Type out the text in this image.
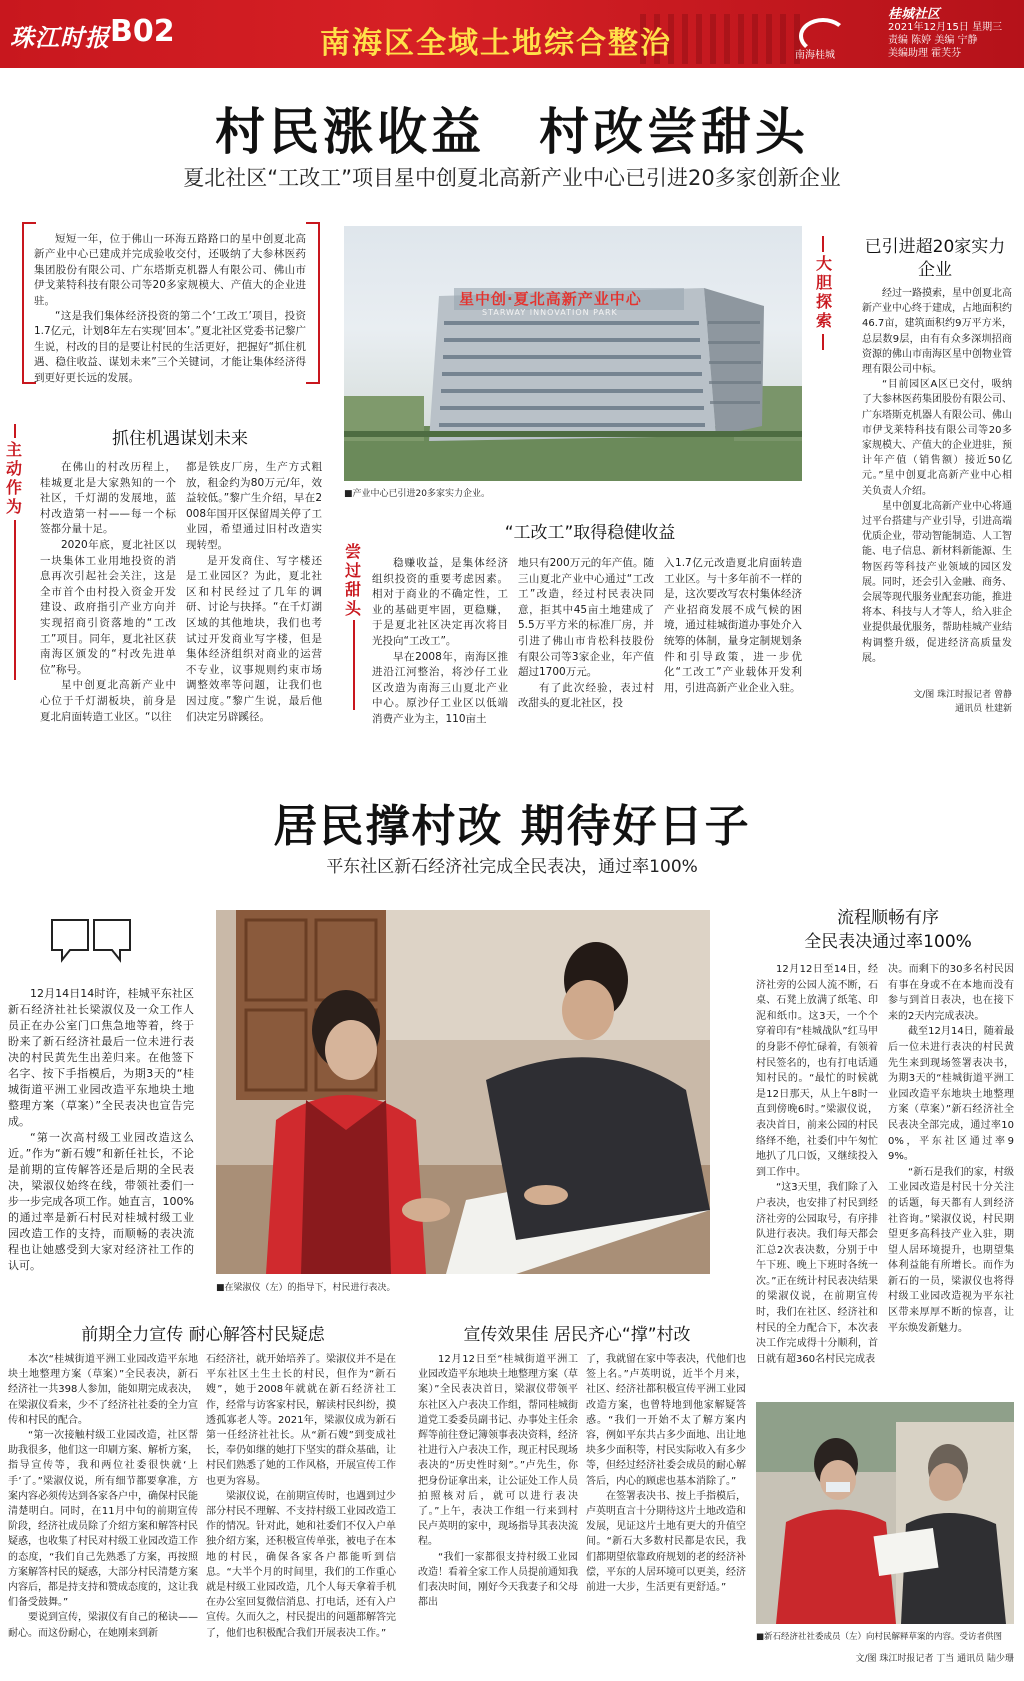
珠江时报 B02	南海区全域土地综合整治	南海桂城
桂城社区
2021年12月15日 星期三
责编 陈婷 美编 宁静
美编助理 霍芙芬
村民涨收益　村改尝甜头
夏北社区“工改工”项目星中创夏北高新产业中心已引进20多家创新企业

短短一年，位于佛山一环海五路路口的星中创夏北高新产业中心已建成并完成验收交付，还吸纳了大参林医药集团股份有限公司、广东塔斯克机器人有限公司、佛山市伊戈莱特科技有限公司等20多家规模大、产值大的企业进驻。

“这是我们集体经济投资的第二个‘工改工’项目，投资1.7亿元，计划8年左右实现‘回本’。”夏北社区党委书记黎广生说，村改的目的是要让村民的生活更好，把握好“抓住机遇、稳住收益、谋划未来”三个关键词，才能让集体经济得到更好更长远的发展。

星中创·夏北高新产业中心
STARWAY INNOVATION PARK
■产业中心已引进20多家实力企业。
大胆探索
已引进超20家实力企业

经过一路摸索，星中创夏北高新产业中心终于建成，占地面积约46.7亩，建筑面积约9万平方米，总层数9层，由有有众多深圳招商资源的佛山市南海区星中创物业管理有限公司中标。

“目前园区A区已交付，吸纳了大参林医药集团股份有限公司、广东塔斯克机器人有限公司、佛山市伊戈莱特科技有限公司等20多家规模大、产值大的企业进驻，预计年产值（销售额）接近50亿元。”星中创夏北高新产业中心相关负责人介绍。

星中创夏北高新产业中心将通过平台搭建与产业引导，引进高端优质企业，带动智能制造、人工智能、电子信息、新材料新能源、生物医药等科技产业领域的园区发展。同时，还会引入金融、商务、会展等现代服务业配套功能，推进将本、科技与人才等人，给入驻企业提供最优服务，帮助桂城产业结构调整升级，促进经济高质量发展。

文/图 珠江时报记者 曾静
通讯员 杜建新
主动作为
抓住机遇谋划未来

在佛山的村改历程上，桂城夏北是大家熟知的一个社区，千灯湖的发展地，蓝村改造第一村——每一个标签都分量十足。

2020年底，夏北社区以一块集体工业用地投资的消息再次引起社会关注，这是全市首个由村投入资金开发建设、政府指引产业方向并实现招商引资落地的“工改工”项目。同年，夏北社区获南海区颁发的“村改先进单位”称号。

星中创夏北高新产业中心位于千灯湖板块，前身是夏北肩面转造工业区。“以往

都是铁皮厂房，生产方式粗放，租金约为80万元/年，效益较低。”黎广生介绍，早在2008年国开区保留周关停了工业园，希望通过旧村改造实现转型。

是开发商住、写字楼还是工业园区？为此，夏北社区和村民经过了几年的调研、讨论与抉择。“在千灯湖区域的其他地块，我们也考试过开发商业写字楼，但是集体经济组织对商业的运营不专业，议事规则约束市场调整效率等问题，让我们也因过度。”黎广生说，最后他们决定另辟蹊径。

尝过甜头
“工改工”取得稳健收益

稳赚收益，是集体经济组织投资的重要考虑因素。相对于商业的不确定性，工业的基础更牢固，更稳赚，于是夏北社区决定再次将目光投向“工改工”。

早在2008年，南海区推进沿江河整治，将沙仔工业区改造为南海三山夏北产业中心。原沙仔工业区以低端消费产业为主，110亩土

地只有200万元的年产值。随三山夏北产业中心通过“工改工”改造，经过村民表决同意，拒其中45亩土地建成了5.5万平方米的标准厂房，并引进了佛山市肯松科技股份有限公司等3家企业，年产值超过1700万元。

有了此次经验，表过村改甜头的夏北社区，投

入1.7亿元改造夏北肩面转造工业区。与十多年前不一样的是，这次要改写农村集体经济产业招商发展不成气候的困境，通过桂城街道办事处介入统筹的体制，量身定制规划条件和引导政策，进一步优化“工改工”产业载体开发利用，引进高新产业企业入驻。

居民撑村改 期待好日子
平东社区新石经济社完成全民表决，通过率100%

12月14日14时许，桂城平东社区新石经济社社长梁淑仪及一众工作人员正在办公室门口焦急地等着，终于盼来了新石经济社最后一位未进行表决的村民黄先生出差归来。在他签下名字、按下手指模后，为期3天的“桂城街道平洲工业园改造平东地块土地整理方案（草案）”全民表决也宣告完成。

“第一次高村级工业园改造这么近。”作为“新石嫂”和新任社长，不论是前期的宣传解答还是后期的全民表决，梁淑仪始终在线，带领社委们一步一步完成各项工作。她直言，100%的通过率是新石村民对桂城村级工业园改造工作的支持，而顺畅的表决流程也让她感受到大家对经济社工作的认可。

■在梁淑仪（左）的指导下，村民进行表决。
流程顺畅有序
全民表决通过率100%

12月12日至14日，经济社旁的公园人流不断，石桌、石凳上放满了纸笔、印泥和纸巾。这3天，一个个穿着印有“桂城战队”红马甲的身影不停忙碌着，有领着村民签名的，也有打电话通知村民的。“最忙的时候就是12日那天，从上午8时一直到傍晚6时。”梁淑仪说，表决首日，前来公园的村民络绎不绝，社委们中午匆忙地扒了几口饭，又继续投入到工作中。

“这3天里，我们除了入户表决，也安排了村民到经济社旁的公园取号，有序排队进行表决。我们每天都会汇总2次表决数，分别于中午下班、晚上下班时各统一次。”正在统计村民表决结果的梁淑仪说，在前期宣传时，我们在社区、经济社和村民的全力配合下，本次表决工作完成得十分顺利，首日就有超360名村民完成表

决。而剩下的30多名村民因有事在身或不在本地而没有参与到首日表决，也在接下来的2天内完成表决。

截至12月14日，随着最后一位未进行表决的村民黄先生来到现场签署表决书，为期3天的“桂城街道平洲工业园改造平东地块土地整理方案（草案）”新石经济社全民表决全部完成，通过率100%，平东社区通过率99%。

“新石是我们的家，村级工业园改造是村民十分关注的话题，每天都有人到经济社咨询。”梁淑仪说，村民期望更多高科技产业入驻，期望人居环境提升，也期望集体利益能有所增长。而作为新石的一员，梁淑仪也将得村级工业园改造视为平东社区带来厚厚不断的惊喜，让平东焕发新魅力。

前期全力宣传 耐心解答村民疑虑

本次“桂城街道平洲工业园改造平东地块土地整理方案（草案）”全民表决，新石经济社一共398人参加，能如期完成表决，在梁淑仪看来，少不了经济社社委的全力宣传和村民的配合。

“第一次接触村级工业园改造，社区帮助我很多，他们这一印刷方案、解析方案，指导宣传等，我和两位社委很快就‘上手’了。”梁淑仪说，所有细节都要拿准，方案内容必须传达到各家各户中，确保村民能清楚明白。同时，在11月中旬的前期宣传阶段，经济社成员除了介绍方案和解答村民疑惑，也收集了村民对村级工业园改造工作的态度，“我们自己先熟悉了方案，再按照方案解答村民的疑惑，大部分村民清楚方案内容后，都是持支持和赞成态度的，这让我们备受鼓舞。”

要说到宣传，梁淑仪有自己的秘诀——耐心。而这份耐心，在她刚来到新

石经济社，就开始培养了。梁淑仪并不是在平东社区土生土长的村民，但作为“新石嫂”，她于2008年就就在新石经济社工作，经常与访客家村民，解读村民纠纷，摸透孤寡老人等。2021年，梁淑仪成为新石第一任经济社社长。从“新石嫂”到变成社长，奉仍如继的她打下坚实的群众基础，让村民们熟悉了她的工作风格，开展宣传工作也更为容易。

梁淑仪说，在前期宣传时，也遇到过少部分村民不理解、不支持村级工业园改造工作的情况。针对此，她和社委们不仅入户单独介绍方案，还积极宣传单张，被电子在本地的村民，确保各家各户都能听到信息。“大半个月的时间里，我们的工作重心就是村级工业园改造，几个人每天拿着手机在办公室回复微信消息、打电话，还有入户宣传。久而久之，村民提出的问题都解答完了，他们也积极配合我们开展表决工作。”

宣传效果佳 居民齐心“撑”村改

12月12日至“桂城街道平洲工业园改造平东地块土地整理方案（草案）”全民表决首日，梁淑仪带领平东社区入户表决工作组，帮同桂城街道党工委委员副书记、办事处主任余辉等前往登记簿领事表决资料，经济社进行入户表决工作，现正村民现场表决的“历史性时刻”。”卢先生，你把身份证拿出来，让公证处工作人员拍照核对后，就可以进行表决了。”上午，表决工作组一行来到村民卢英明的家中，现场指导其表决流程。

“我们一家都很支持村级工业园改造！看着全家工作人员提前通知我们表决时间，刚好今天我妻子和父母都出

了，我就留在家中等表决，代他们也签上名。”卢英明说，近半个月来，社区、经济社都积极宣传平洲工业园改造方案，也曾特地到他家解疑答惑。“我们一开始不太了解方案内容，例如平东共占多少面地、出让地块多少面积等，村民实际收入有多少等，但经过经济社委会成员的耐心解答后，内心的顾虑也基本消除了。”

在签署表决书、按上手指模后，卢英明直言十分期待这片土地改造和发展，见证这片土地有更大的升值空间。“新石大多数村民都是农民，我们都期望依靠政府规划的老的经济补偿，平东的人居环境可以更美，经济前进一大步，生活更有更舒适。”

■新石经济社社委成员（左）向村民解释草案的内容。受访者供图
文/图 珠江时报记者 丁当 通讯员 陆少珊
